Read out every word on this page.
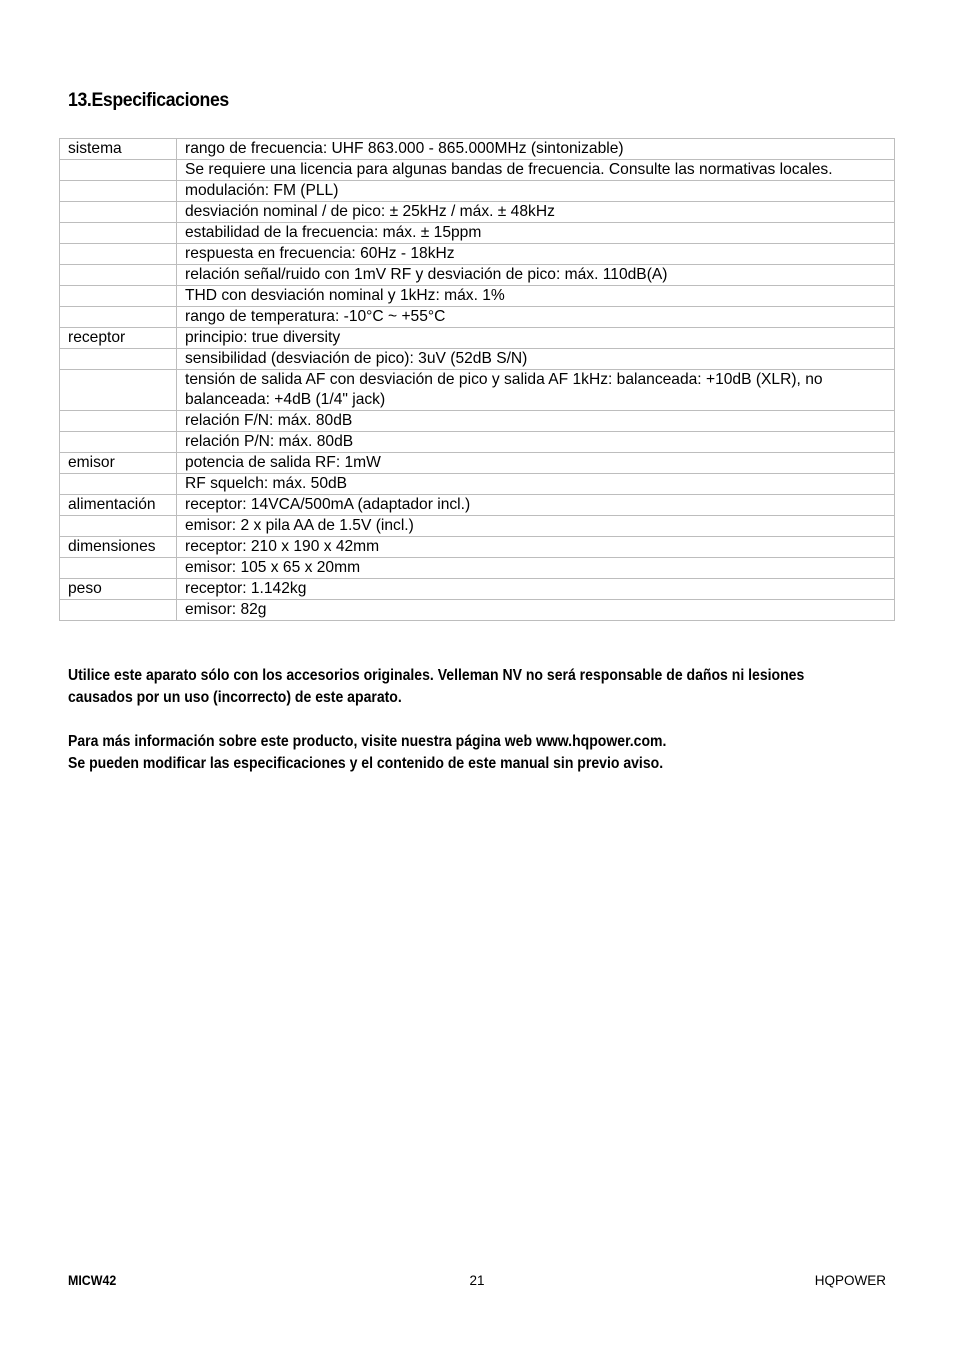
13.Especificaciones
sistema	rango de frecuencia: UHF 863.000 - 865.000MHz (sintonizable)
	Se requiere una licencia para algunas bandas de frecuencia. Consulte las normativas locales.
	modulación: FM (PLL)
	desviación nominal / de pico: ± 25kHz / máx. ± 48kHz
	estabilidad de la frecuencia: máx. ± 15ppm
	respuesta en frecuencia: 60Hz - 18kHz
	relación señal/ruido con 1mV RF y desviación de pico: máx. 110dB(A)
	THD con desviación nominal y 1kHz: máx. 1%
	rango de temperatura: -10°C ~ +55°C
receptor	principio: true diversity
	sensibilidad (desviación de pico): 3uV (52dB S/N)
	tensión de salida AF con desviación de pico y salida AF 1kHz: balanceada: +10dB (XLR), no balanceada: +4dB (1/4" jack)
	relación F/N: máx. 80dB
	relación P/N: máx. 80dB
emisor	potencia de salida RF: 1mW
	RF squelch: máx. 50dB
alimentación	receptor: 14VCA/500mA (adaptador incl.)
	emisor: 2 x pila AA de 1.5V (incl.)
dimensiones	receptor: 210 x 190 x 42mm
	emisor: 105 x 65 x 20mm
peso	receptor: 1.142kg
	emisor: 82g

Utilice este aparato sólo con los accesorios originales. Velleman NV no será responsable de daños ni lesiones causados por un uso (incorrecto) de este aparato.

Para más información sobre este producto, visite nuestra página web www.hqpower.com.
Se pueden modificar las especificaciones y el contenido de este manual sin previo aviso.

MICW42	21	HQPOWER
